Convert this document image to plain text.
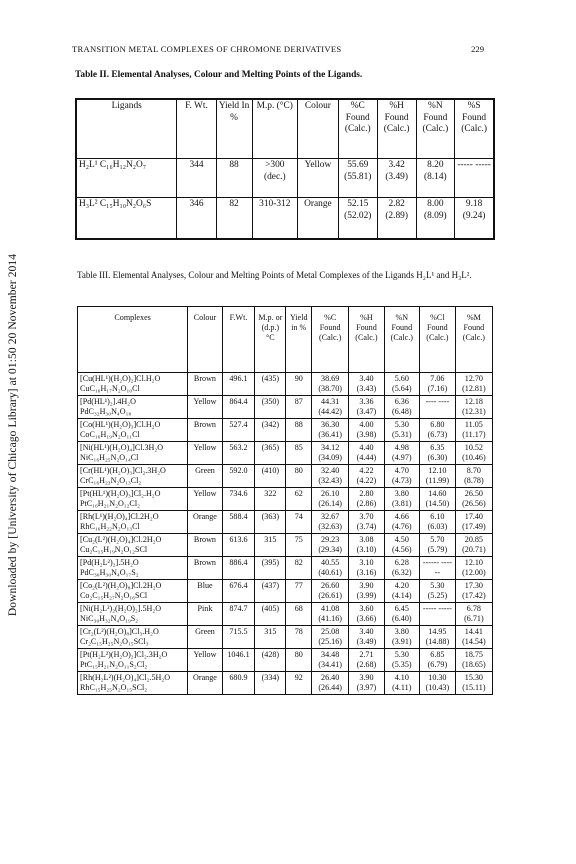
Downloaded by [University of Chicago Library] at 01:50 20 November 2014
TRANSITION METAL COMPLEXES OF CHROMONE DERIVATIVES	229
Table II. Elemental Analyses, Colour and Melting Points of the Ligands.
Ligands	F. Wt.	Yield In %	M.p. (°C)	Colour	%C Found (Calc.)	%H Found (Calc.)	%N Found (Calc.)	%S Found (Calc.)
H₂L¹ C₁₆H₁₂N₂O₇	344	88	>300 (dec.)	Yellow	55.69 (55.81)	3.42 (3.49)	8.20 (8.14)	----- -----
H₃L² C₁₅H₁₀N₂O₆S	346	82	310-312	Orange	52.15 (52.02)	2.82 (2.89)	8.00 (8.09)	9.18 (9.24)
Table III. Elemental Analyses, Colour and Melting Points of Metal Complexes of the Ligands H₂L¹ and H₃L².
Complexes	Colour	F.Wt.	M.p. or (d.p.) °C	Yield in %	%C Found (Calc.)	%H Found (Calc.)	%N Found (Calc.)	%Cl Found (Calc.)	%M Found (Calc.)
[Cu(HL¹)(H₂O)₂]Cl.H₂O CuC₁₆H₁₇N₂O₁₀Cl	Brown	496.1	(435)	90	38.69 (38.70)	3.40 (3.43)	5.60 (5.64)	7.06 (7.16)	12.70 (12.81)
[Pd(HL¹)₂].4H₂O PdC₃₂H₃₀N₄O₁₈	Yellow	864.4	(350)	87	44.31 (44.42)	3.36 (3.47)	6.36 (6.48)	---- ----	12.18 (12.31)
[Co(HL¹)(H₂O)₃]Cl.H₂O CoC₁₆H₁₉N₂O₁₁Cl	Brown	527.4	(342)	88	36.30 (36.41)	4.00 (3.98)	5.30 (5.31)	6.80 (6.73)	11.05 (11.17)
[Ni(HL¹)(H₂O)₄]Cl.3H₂O NiC₁₆H₂₅N₂O₁₄Cl	Yellow	563.2	(365)	85	34.12 (34.09)	4.40 (4.44)	4.98 (4.97)	6.35 (6.30)	10.52 (10.46)
[Cr(HL¹)(H₂O)₃]Cl₂.3H₂O CrC₁₆H₂₃N₂O₁₃Cl₂	Green	592.0	(410)	80	32.40 (32.43)	4.22 (4.22)	4.70 (4.73)	12.10 (11.99)	8.70 (8.78)
[Pt(HL¹)(H₂O)₃]Cl₂.H₂O PtC₁₆H₂₁N₂O₁₂Cl₂	Yellow	734.6	322	62	26.10 (26.14)	2.80 (2.86)	3.80 (3.81)	14.60 (14.50)	26.50 (26.56)
[Rh(L¹)(H₂O)₄]Cl.2H₂O RhC₁₆H₂₂N₂O₁₃Cl	Orange	588.4	(363)	74	32.67 (32.63)	3.70 (3.74)	4.66 (4.76)	6.10 (6.03)	17.40 (17.49)
[Cu₂(L²)(H₂O)₄]Cl.2H₂O Cu₂C₁₅H₁₉N₂O₁₂SCl	Brown	613.6	315	75	29.23 (29.34)	3.08 (3.10)	4.50 (4.56)	5.70 (5.79)	20.85 (20.71)
[Pd(H₂L²)₂].5H₂O PdC₃₀H₃₀N₄O₁₇S₂	Brown	886.4	(395)	82	40.55 (40.61)	3.10 (3.16)	6.28 (6.32)	------ ------	12.10 (12.00)
[Co₂(L²)(H₂O)₈]Cl.2H₂O Co₂C₁₅H₂₇N₂O₁₆SCl	Blue	676.4	(437)	77	26.60 (26.61)	3.90 (3.99)	4.20 (4.14)	5.30 (5.25)	17.30 (17.42)
[Ni(H₂L²)₂(H₂O)₂].5H₂O NiC₃₀H₃₂N₄O₁₉S₂	Pink	874.7	(405)	68	41.08 (41.16)	3.60 (3.66)	6.45 (6.40)	----- -----	6.78 (6.71)
[Cr₂(L²)(H₂O)₈]Cl₃.H₂O Cr₂C₁₅H₂₅N₂O₁₅SCl₃	Green	715.5	315	78	25.08 (25.16)	3.40 (3.49)	3.80 (3.91)	14.95 (14.88)	14.41 (14.54)
[Pt(H₂L²)(H₂O)₂]Cl₂.3H₂O PtC₁₅H₂₁N₂O₁₁S₂Cl₂	Yellow	1046.1	(428)	80	34.48 (34.41)	2.71 (2.68)	5.30 (5.35)	6.85 (6.79)	18.75 (18.65)
[Rh(H₂L²)(H₂O)₄]Cl₂.5H₂O RhC₁₅H₂₅N₂O₁₅SCl₂	Orange	680.9	(334)	92	26.40 (26.44)	3.90 (3.97)	4.10 (4.11)	10.30 (10.43)	15.30 (15.11)
